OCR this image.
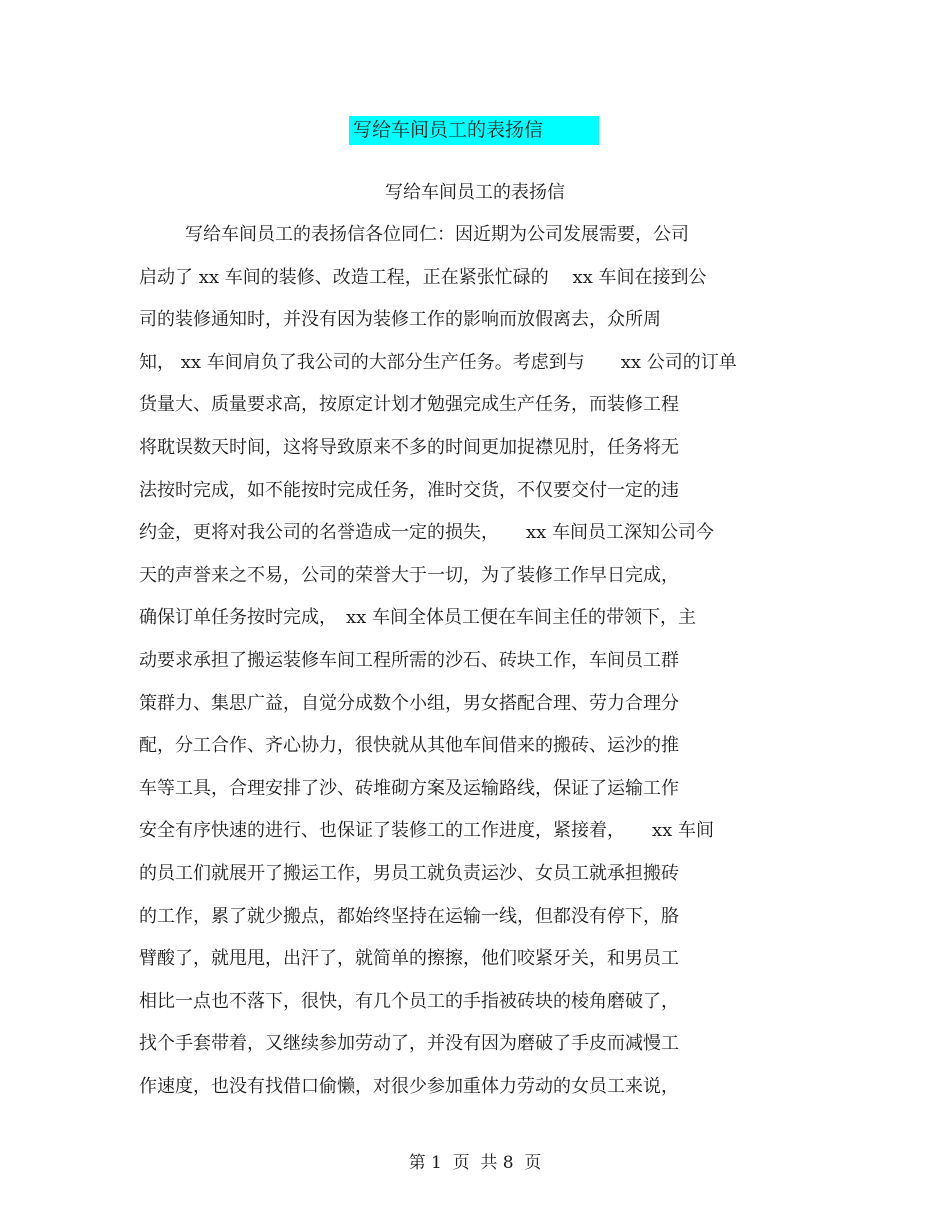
写给车间员工的表扬信
写给车间员工的表扬信
写给车间员工的表扬信各位同仁：因近期为公司发展需要，公司
启动了 xx 车间的装修、改造工程，正在紧张忙碌的　 xx 车间在接到公
司的装修通知时，并没有因为装修工作的影响而放假离去，众所周
知， xx 车间肩负了我公司的大部分生产任务。考虑到与　　xx 公司的订单
货量大、质量要求高，按原定计划才勉强完成生产任务，而装修工程
将耽误数天时间，这将导致原来不多的时间更加捉襟见肘，任务将无
法按时完成，如不能按时完成任务，准时交货，不仅要交付一定的违
约金，更将对我公司的名誉造成一定的损失，　　xx 车间员工深知公司今
天的声誉来之不易，公司的荣誉大于一切，为了装修工作早日完成，
确保订单任务按时完成，　xx 车间全体员工便在车间主任的带领下，主
动要求承担了搬运装修车间工程所需的沙石、砖块工作，车间员工群
策群力、集思广益，自觉分成数个小组，男女搭配合理、劳力合理分
配，分工合作、齐心协力，很快就从其他车间借来的搬砖、运沙的推
车等工具，合理安排了沙、砖堆砌方案及运输路线，保证了运输工作
安全有序快速的进行、也保证了装修工的工作进度，紧接着，　　xx 车间
的员工们就展开了搬运工作，男员工就负责运沙、女员工就承担搬砖
的工作，累了就少搬点，都始终坚持在运输一线，但都没有停下，胳
臂酸了，就甩甩，出汗了，就简单的擦擦，他们咬紧牙关，和男员工
相比一点也不落下，很快，有几个员工的手指被砖块的棱角磨破了，
找个手套带着，又继续参加劳动了，并没有因为磨破了手皮而减慢工
作速度，也没有找借口偷懒，对很少参加重体力劳动的女员工来说，
第 1  页  共 8  页
